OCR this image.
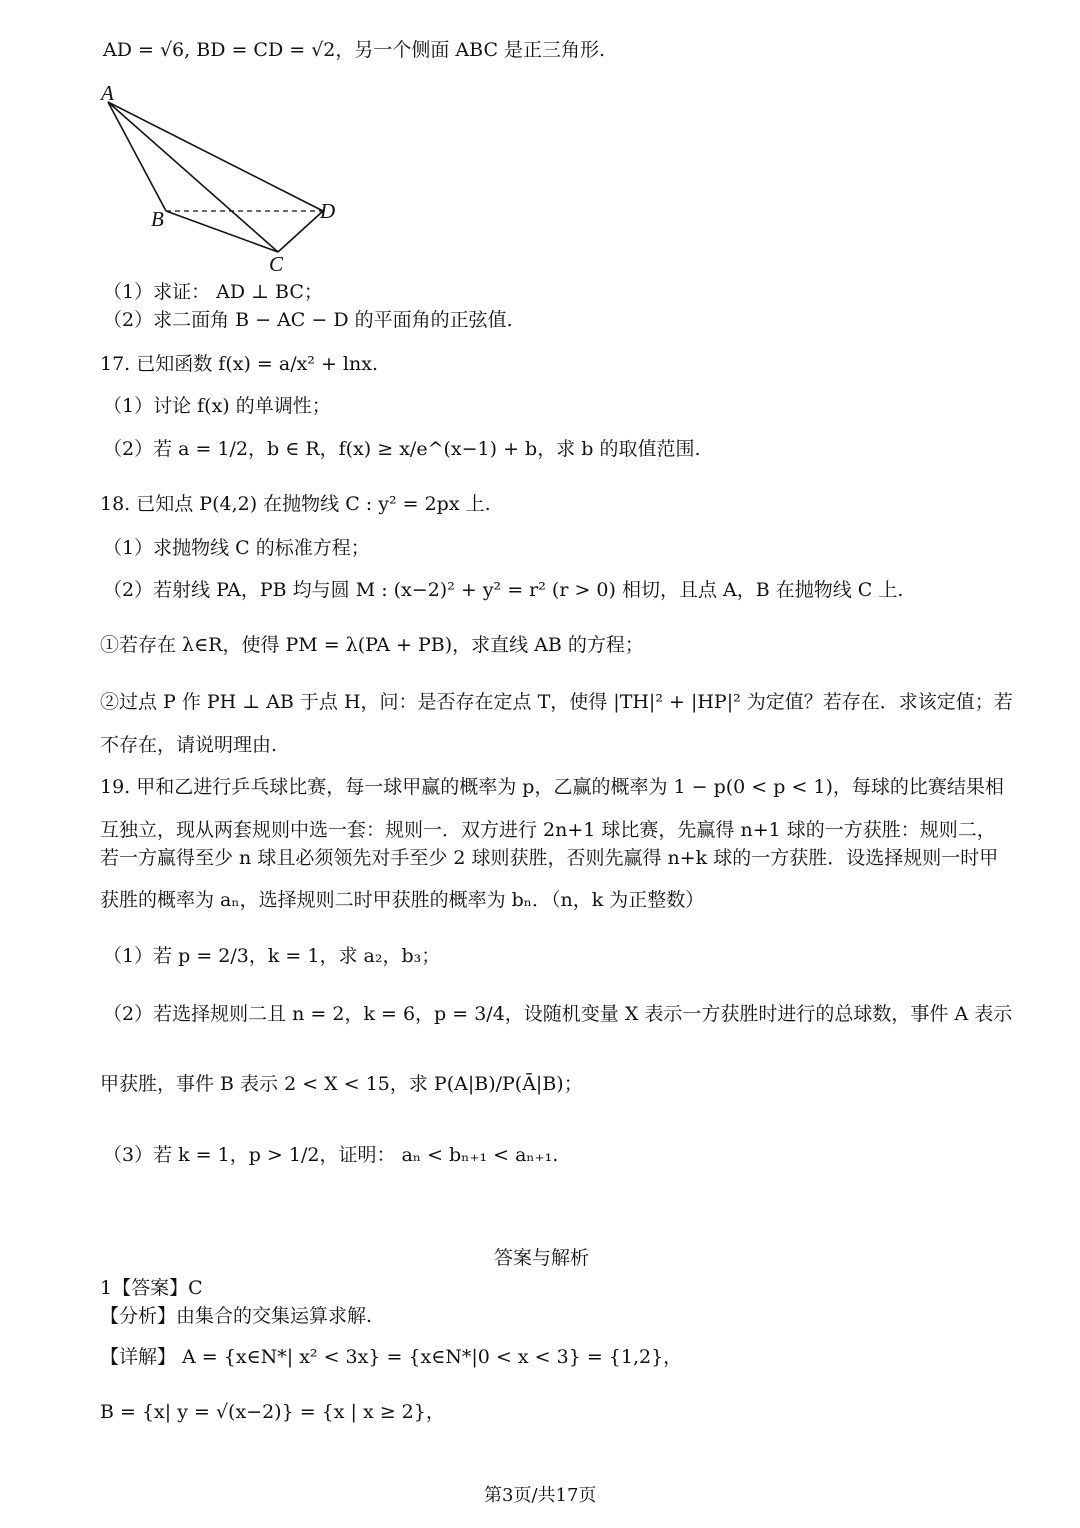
AD = √6, BD = CD = √2，另一个侧面 ABC 是正三角形.
A
B
C
D
（1）求证： AD ⊥ BC；
（2）求二面角 B − AC − D 的平面角的正弦值.
17. 已知函数 f(x) = a/x² + lnx.
（1）讨论 f(x) 的单调性；
（2）若 a = 1/2，b ∈ R，f(x) ≥ x/e^(x−1) + b，求 b 的取值范围.
18. 已知点 P(4,2) 在抛物线 C : y² = 2px 上.
（1）求抛物线 C 的标准方程；
（2）若射线 PA，PB 均与圆 M : (x−2)² + y² = r² (r > 0) 相切，且点 A，B 在抛物线 C 上.
①若存在 λ∈R，使得 PM = λ(PA + PB)，求直线 AB 的方程；
②过点 P 作 PH ⊥ AB 于点 H，问：是否存在定点 T，使得 |TH|² + |HP|² 为定值？若存在．求该定值；若
不存在，请说明理由.
19. 甲和乙进行乒乓球比赛，每一球甲赢的概率为 p，乙赢的概率为 1 − p(0 < p < 1)，每球的比赛结果相
互独立，现从两套规则中选一套：规则一．双方进行 2n+1 球比赛，先赢得 n+1 球的一方获胜：规则二，
若一方赢得至少 n 球且必须领先对手至少 2 球则获胜，否则先赢得 n+k 球的一方获胜．设选择规则一时甲
获胜的概率为 aₙ，选择规则二时甲获胜的概率为 bₙ．（n，k 为正整数）
（1）若 p = 2/3，k = 1，求 a₂，b₃；
（2）若选择规则二且 n = 2，k = 6，p = 3/4，设随机变量 X 表示一方获胜时进行的总球数，事件 A 表示
甲获胜，事件 B 表示 2 < X < 15，求 P(A|B)/P(Ā|B)；
（3）若 k = 1，p > 1/2，证明： aₙ < bₙ₊₁ < aₙ₊₁.
答案与解析
1【答案】C
【分析】由集合的交集运算求解.
【详解】 A = {x∈N*| x² < 3x} = {x∈N*|0 < x < 3} = {1,2}，
B = {x| y = √(x−2)} = {x | x ≥ 2}，
第3页/共17页
